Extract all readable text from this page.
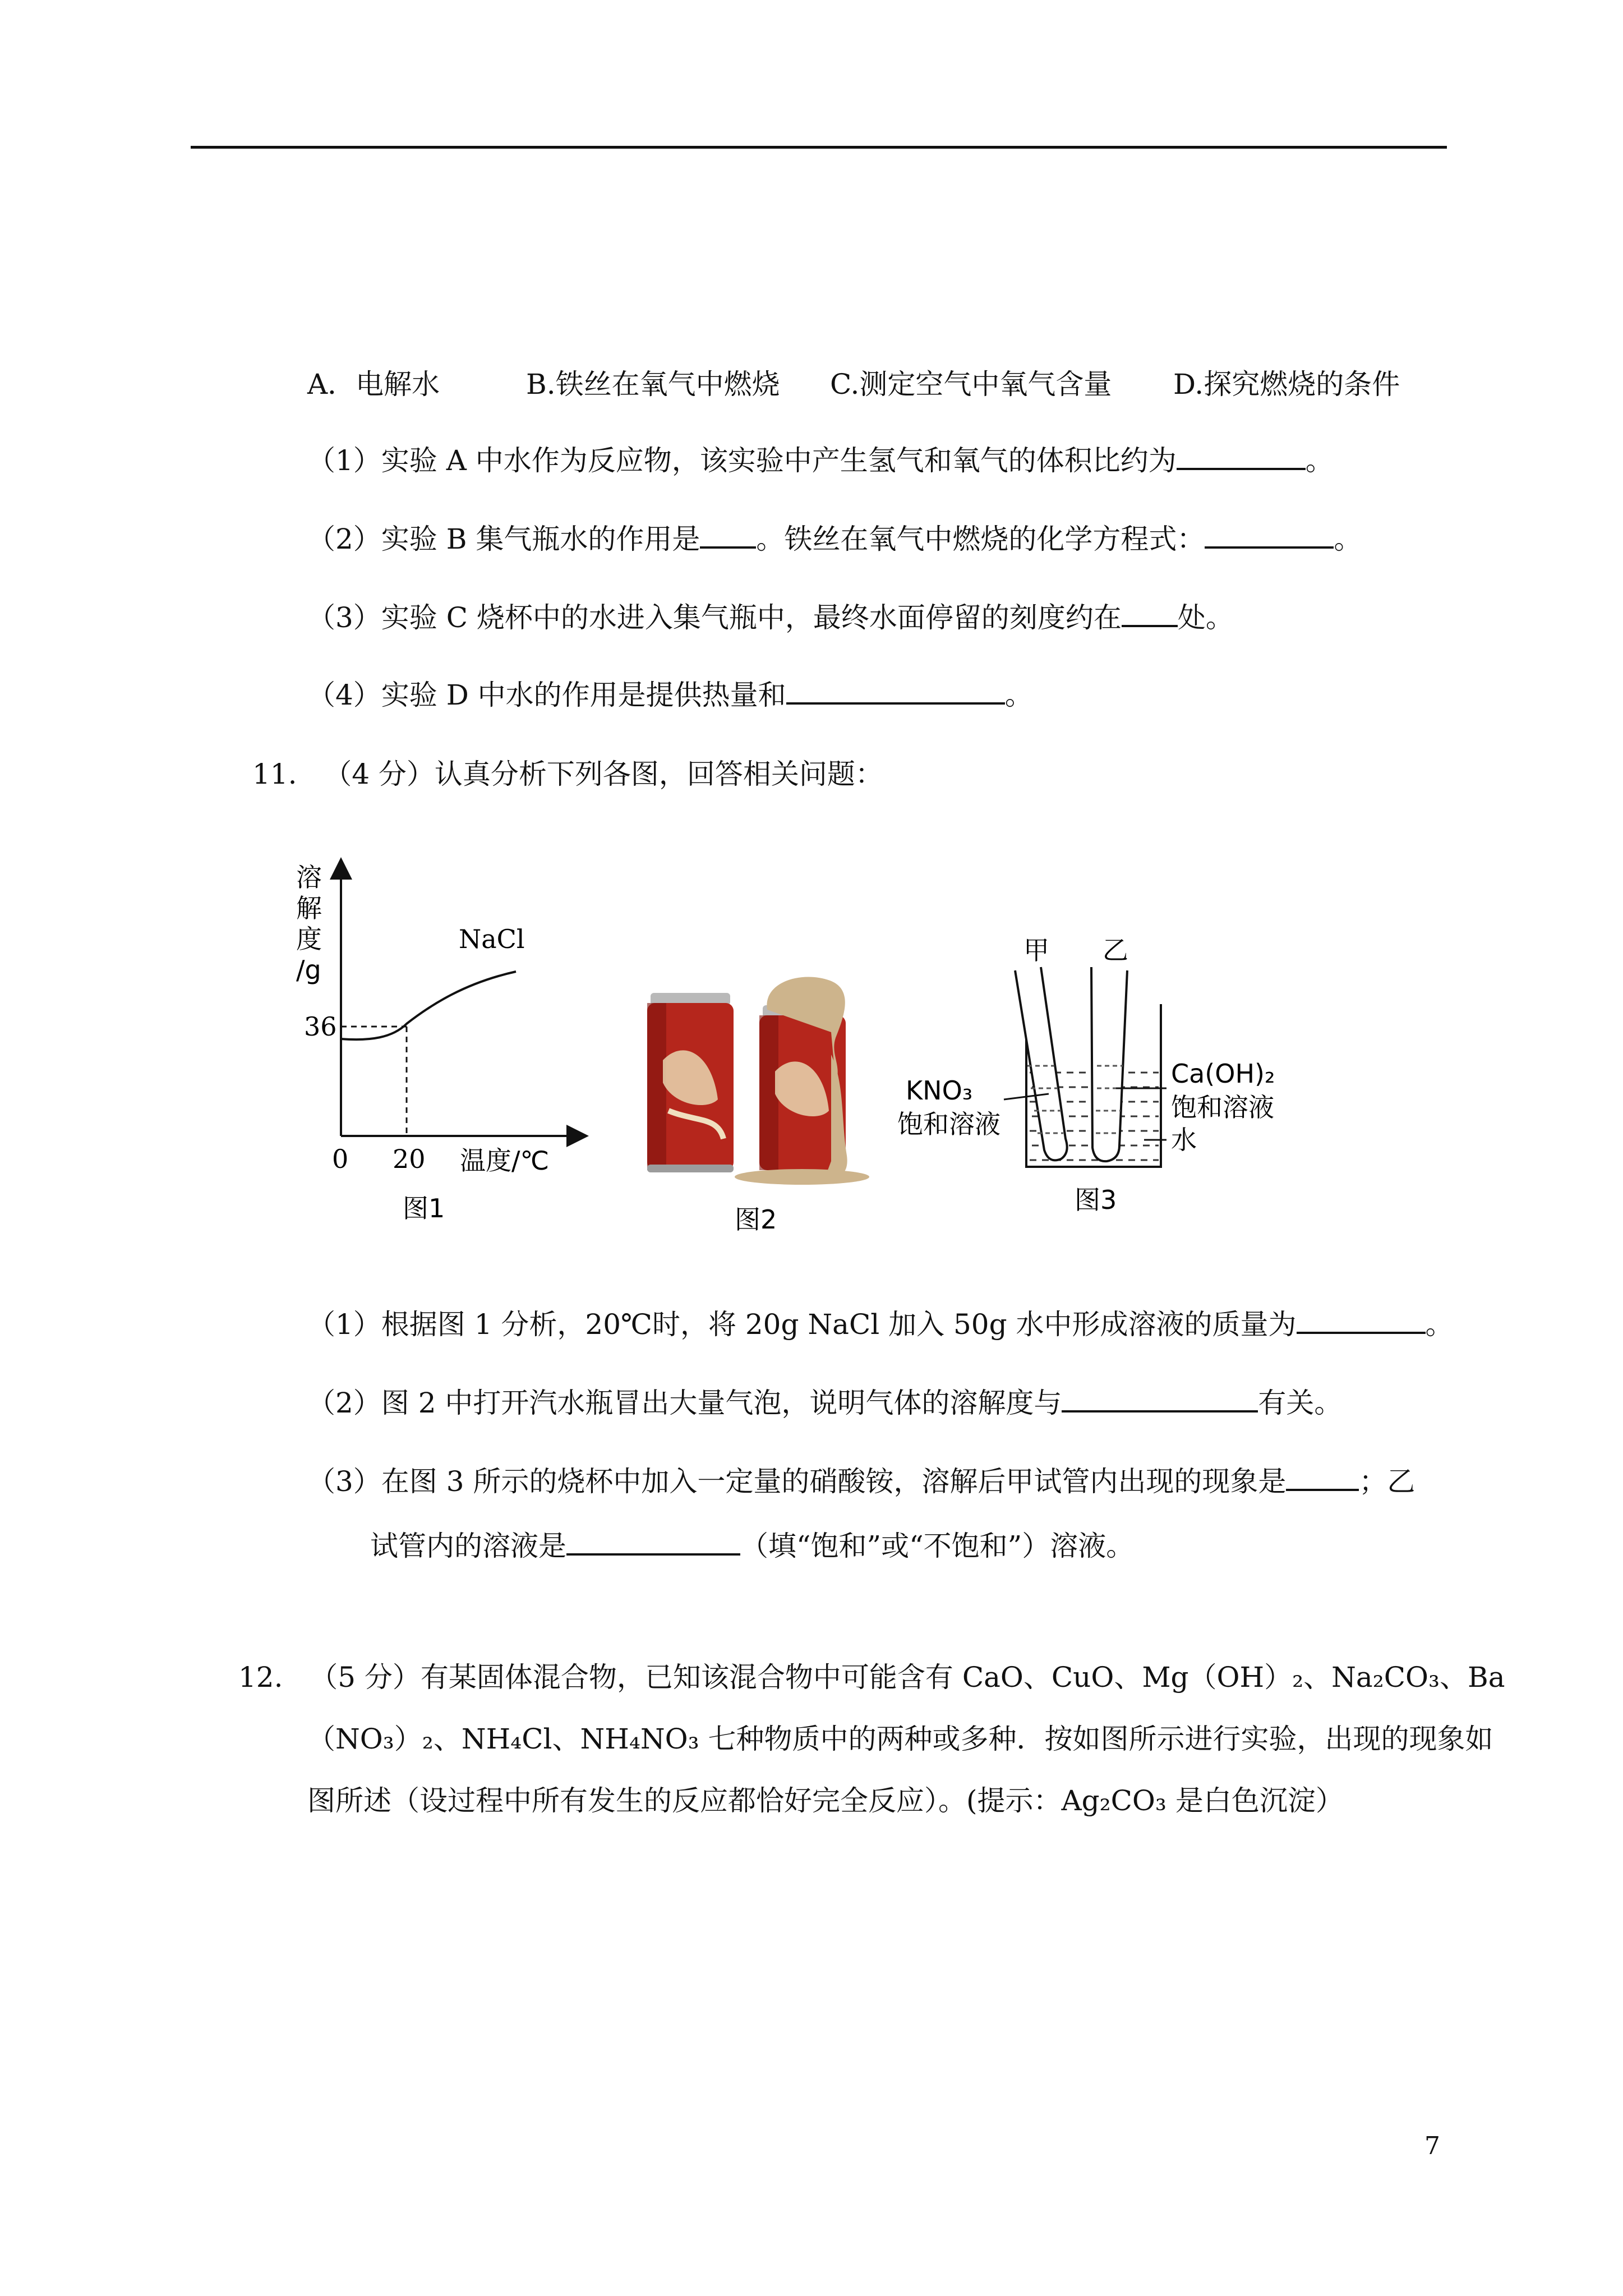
A．电解水	B.铁丝在氧气中燃烧 C.测定空气中氧气含量 D.探究燃烧的条件
（1）实验 A 中水作为反应物，该实验中产生氢气和氧气的体积比约为	。
（2）实验 B 集气瓶水的作用是 。铁丝在氧气中燃烧的化学方程式：	。
（3）实验 C 烧杯中的水进入集气瓶中，最终水面停留的刻度约在 处。
（4）实验 D 中水的作用是提供热量和	。
11. （4 分）认真分析下列各图，回答相关问题：
溶
解
度
/g
NaCl
36
0 20 温度/℃
图1	图2
甲 乙
KNO₃
饱和溶液
Ca(OH)₂
饱和溶液
水
图3
（1）根据图 1 分析，20℃时，将 20g NaCl 加入 50g 水中形成溶液的质量为	。
（2）图 2 中打开汽水瓶冒出大量气泡，说明气体的溶解度与	有关。
（3）在图 3 所示的烧杯中加入一定量的硝酸铵，溶解后甲试管内出现的现象是	；乙
试管内的溶液是	（填“饱和”或“不饱和”）溶液。
12. （5 分）有某固体混合物，已知该混合物中可能含有 CaO、CuO、Mg（OH）₂、Na₂CO₃、Ba
（NO₃）₂、NH₄Cl、NH₄NO₃ 七种物质中的两种或多种．按如图所示进行实验，出现的现象如
图所述（设过程中所有发生的反应都恰好完全反应）。(提示：Ag₂CO₃ 是白色沉淀）
7
